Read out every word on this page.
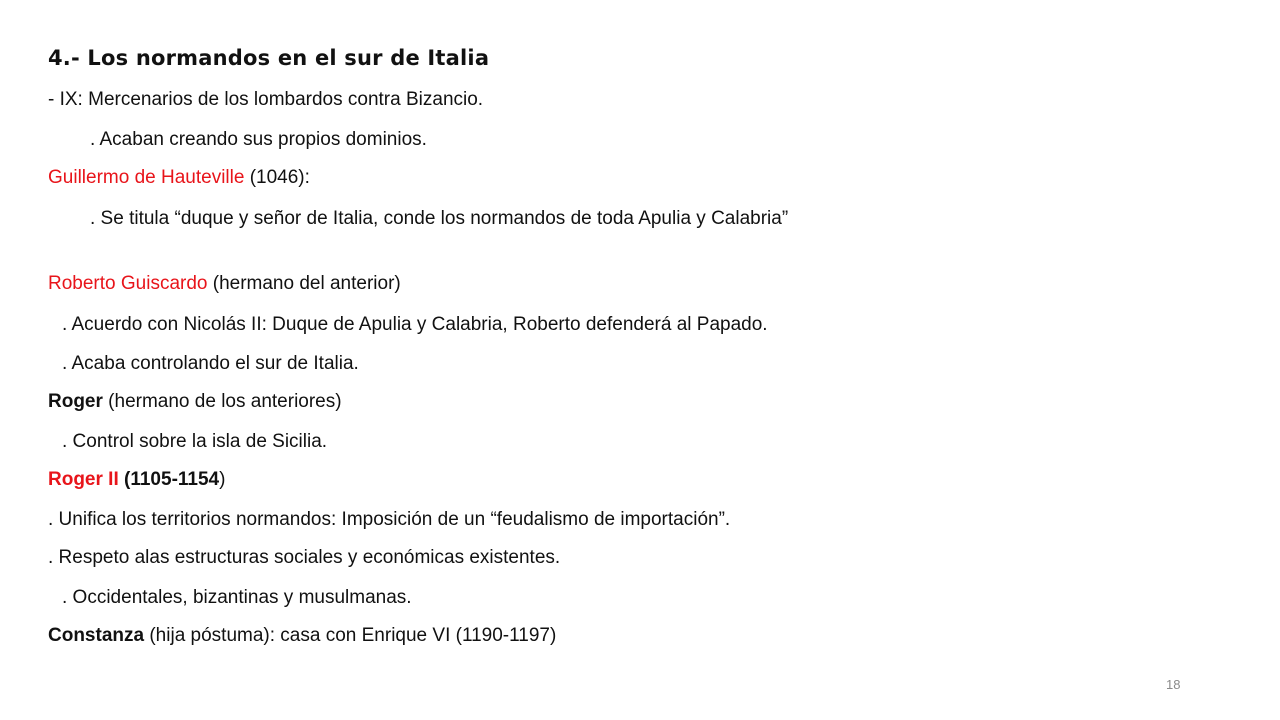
4.- Los normandos en el sur de Italia
- IX: Mercenarios de los lombardos contra Bizancio.
. Acaban creando sus propios dominios.
Guillermo de Hauteville (1046):
. Se titula “duque y señor de Italia, conde los normandos de toda Apulia y Calabria”
Roberto Guiscardo (hermano del anterior)
. Acuerdo con Nicolás II: Duque de Apulia y Calabria, Roberto defenderá al Papado.
. Acaba controlando el sur de Italia.
Roger (hermano de los anteriores)
. Control sobre la isla de Sicilia.
Roger II (1105-1154)
. Unifica los territorios normandos: Imposición de un “feudalismo de importación”.
. Respeto alas estructuras sociales y económicas existentes.
. Occidentales, bizantinas y musulmanas.
Constanza (hija póstuma): casa con Enrique VI (1190-1197)
18
